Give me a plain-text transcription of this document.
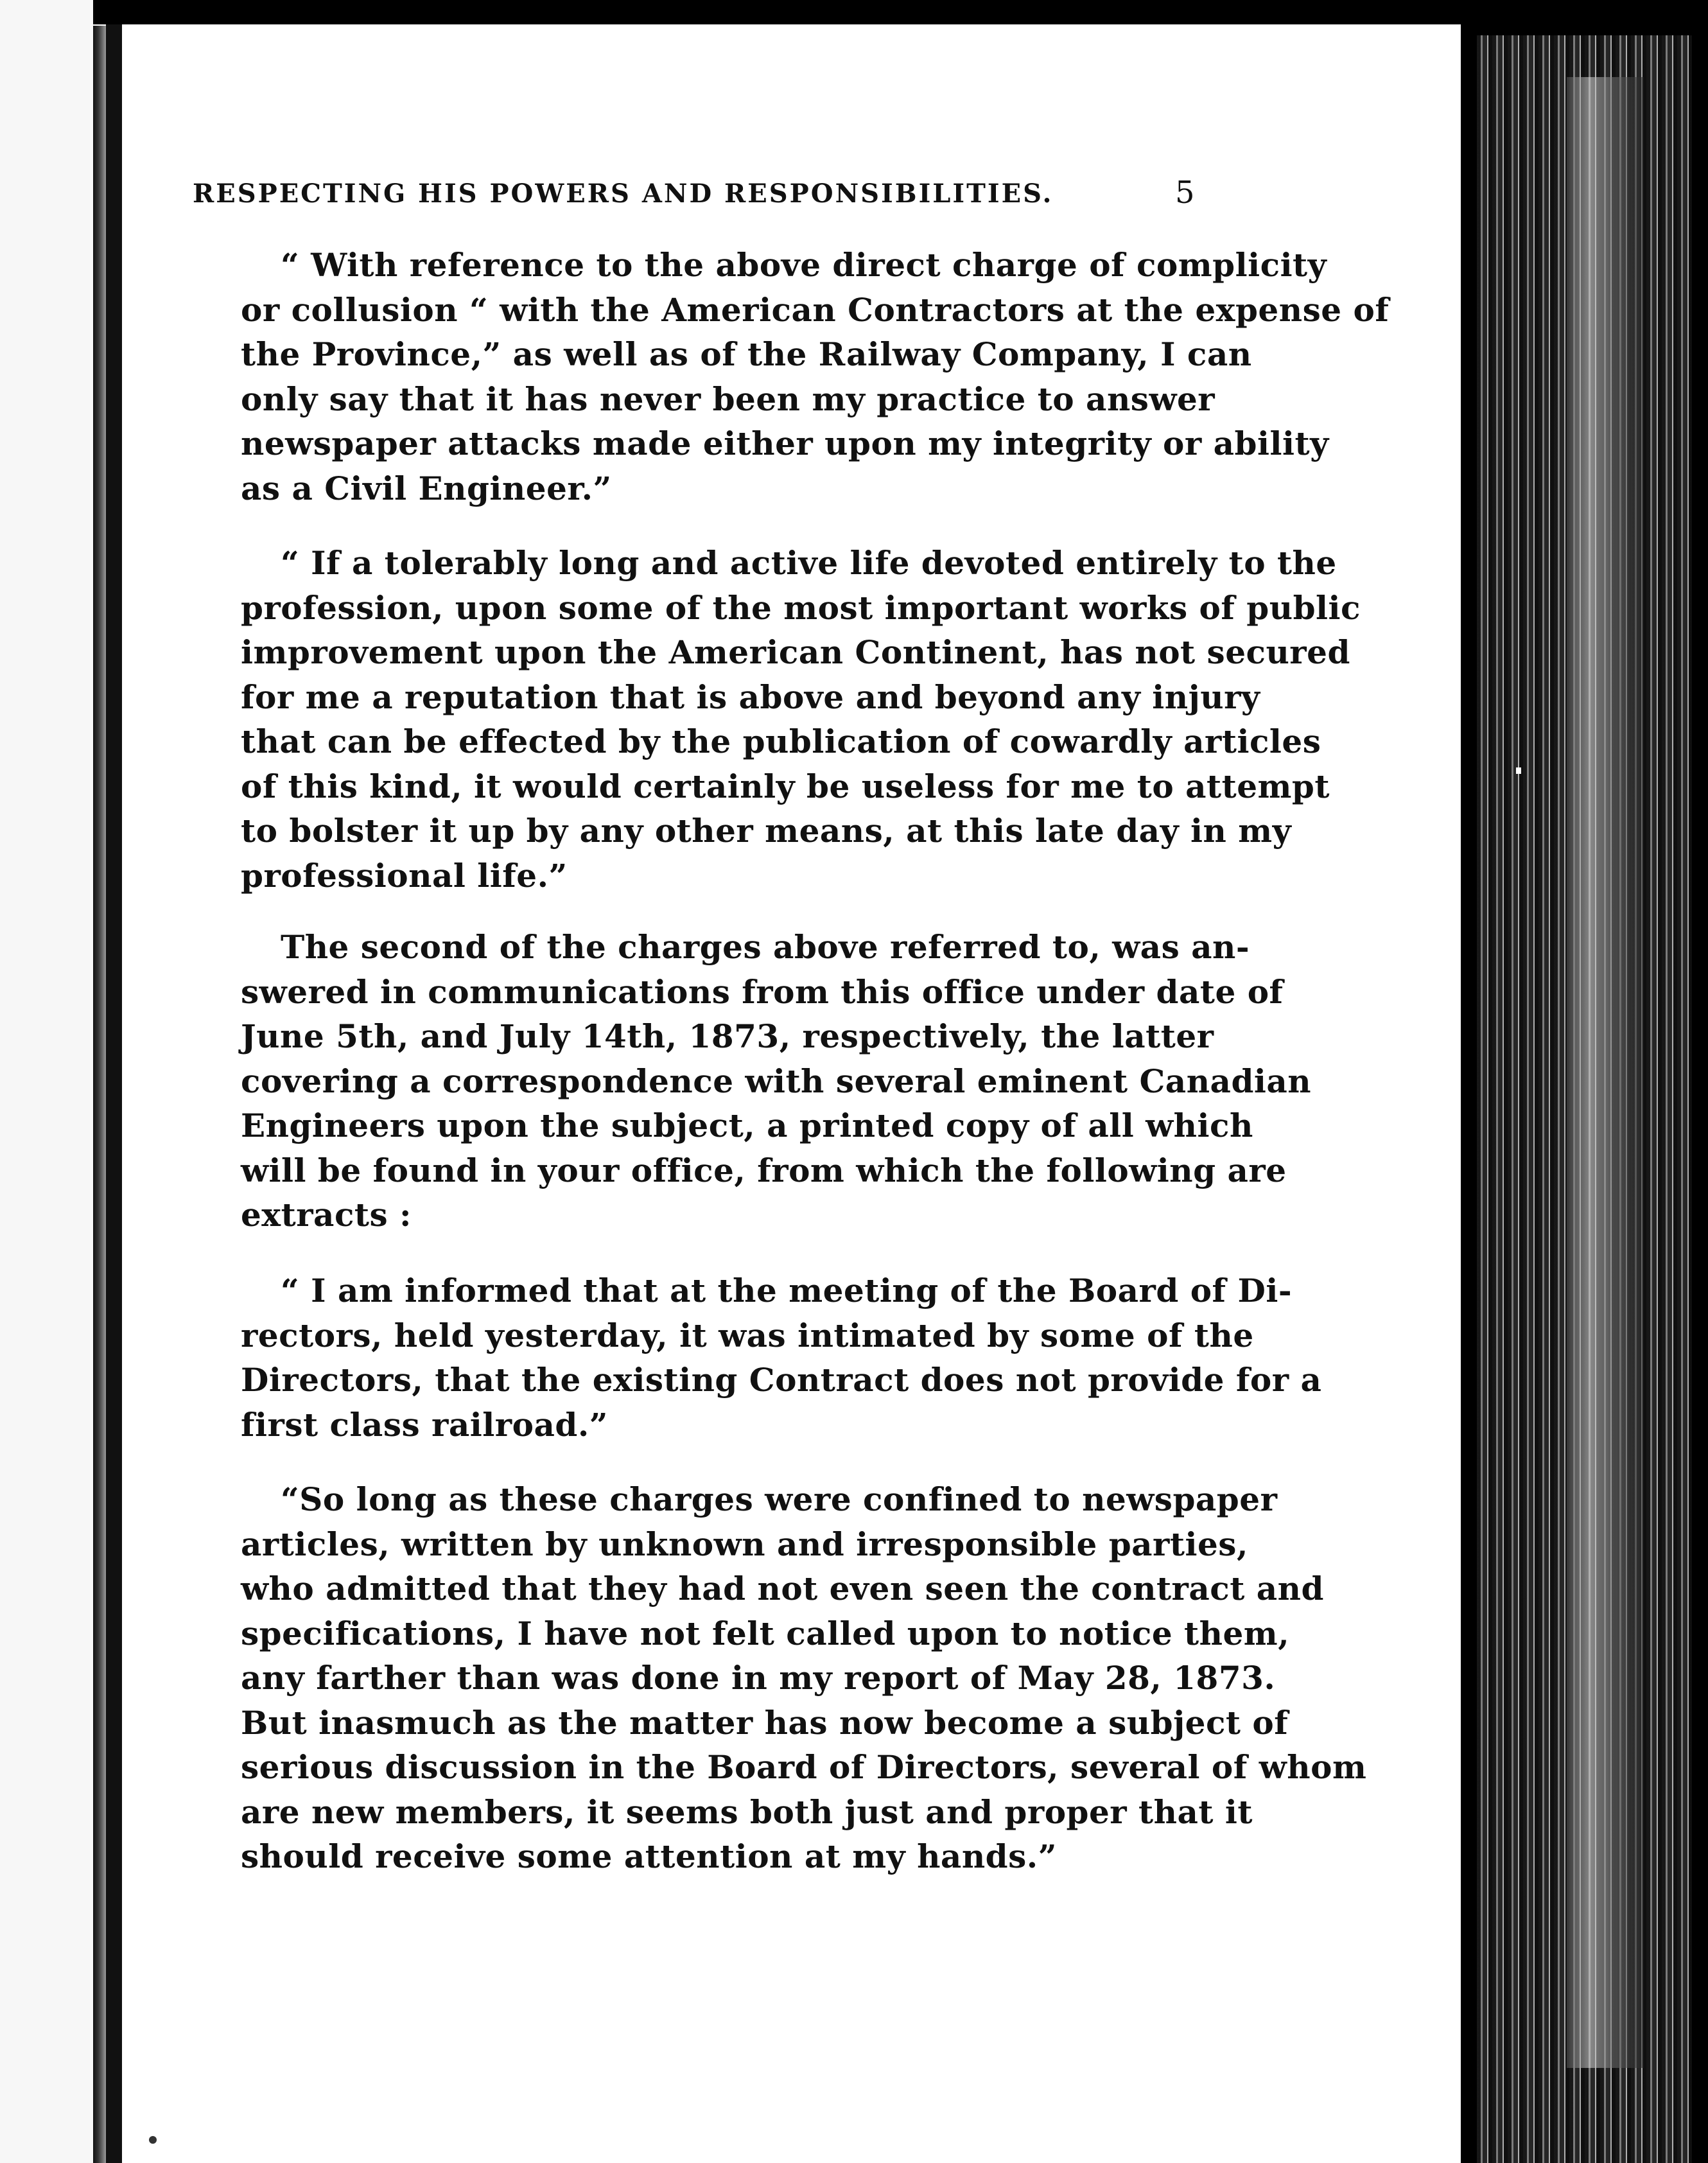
RESPECTING HIS POWERS AND RESPONSIBILITIES.	5
“ With reference to the above direct charge of complicity
or collusion “ with the American Contractors at the expense of
the Province,” as well as of the Railway Company, I can
only say that it has never been my practice to answer
newspaper attacks made either upon my integrity or ability
as a Civil Engineer.”
“ If a tolerably long and active life devoted entirely to the
profession, upon some of the most important works of public
improvement upon the American Continent, has not secured
for me a reputation that is above and beyond any injury
that can be effected by the publication of cowardly articles
of this kind, it would certainly be useless for me to attempt
to bolster it up by any other means, at this late day in my
professional life.”
The second of the charges above referred to, was an-
swered in communications from this office under date of
June 5th, and July 14th, 1873, respectively, the latter
covering a correspondence with several eminent Canadian
Engineers upon the subject, a printed copy of all which
will be found in your office, from which the following are
extracts :
“ I am informed that at the meeting of the Board of Di-
rectors, held yesterday, it was intimated by some of the
Directors, that the existing Contract does not provide for a
first class railroad.”
“So long as these charges were confined to newspaper
articles, written by unknown and irresponsible parties,
who admitted that they had not even seen the contract and
specifications, I have not felt called upon to notice them,
any farther than was done in my report of May 28, 1873.
But inasmuch as the matter has now become a subject of
serious discussion in the Board of Directors, several of whom
are new members, it seems both just and proper that it
should receive some attention at my hands.”
